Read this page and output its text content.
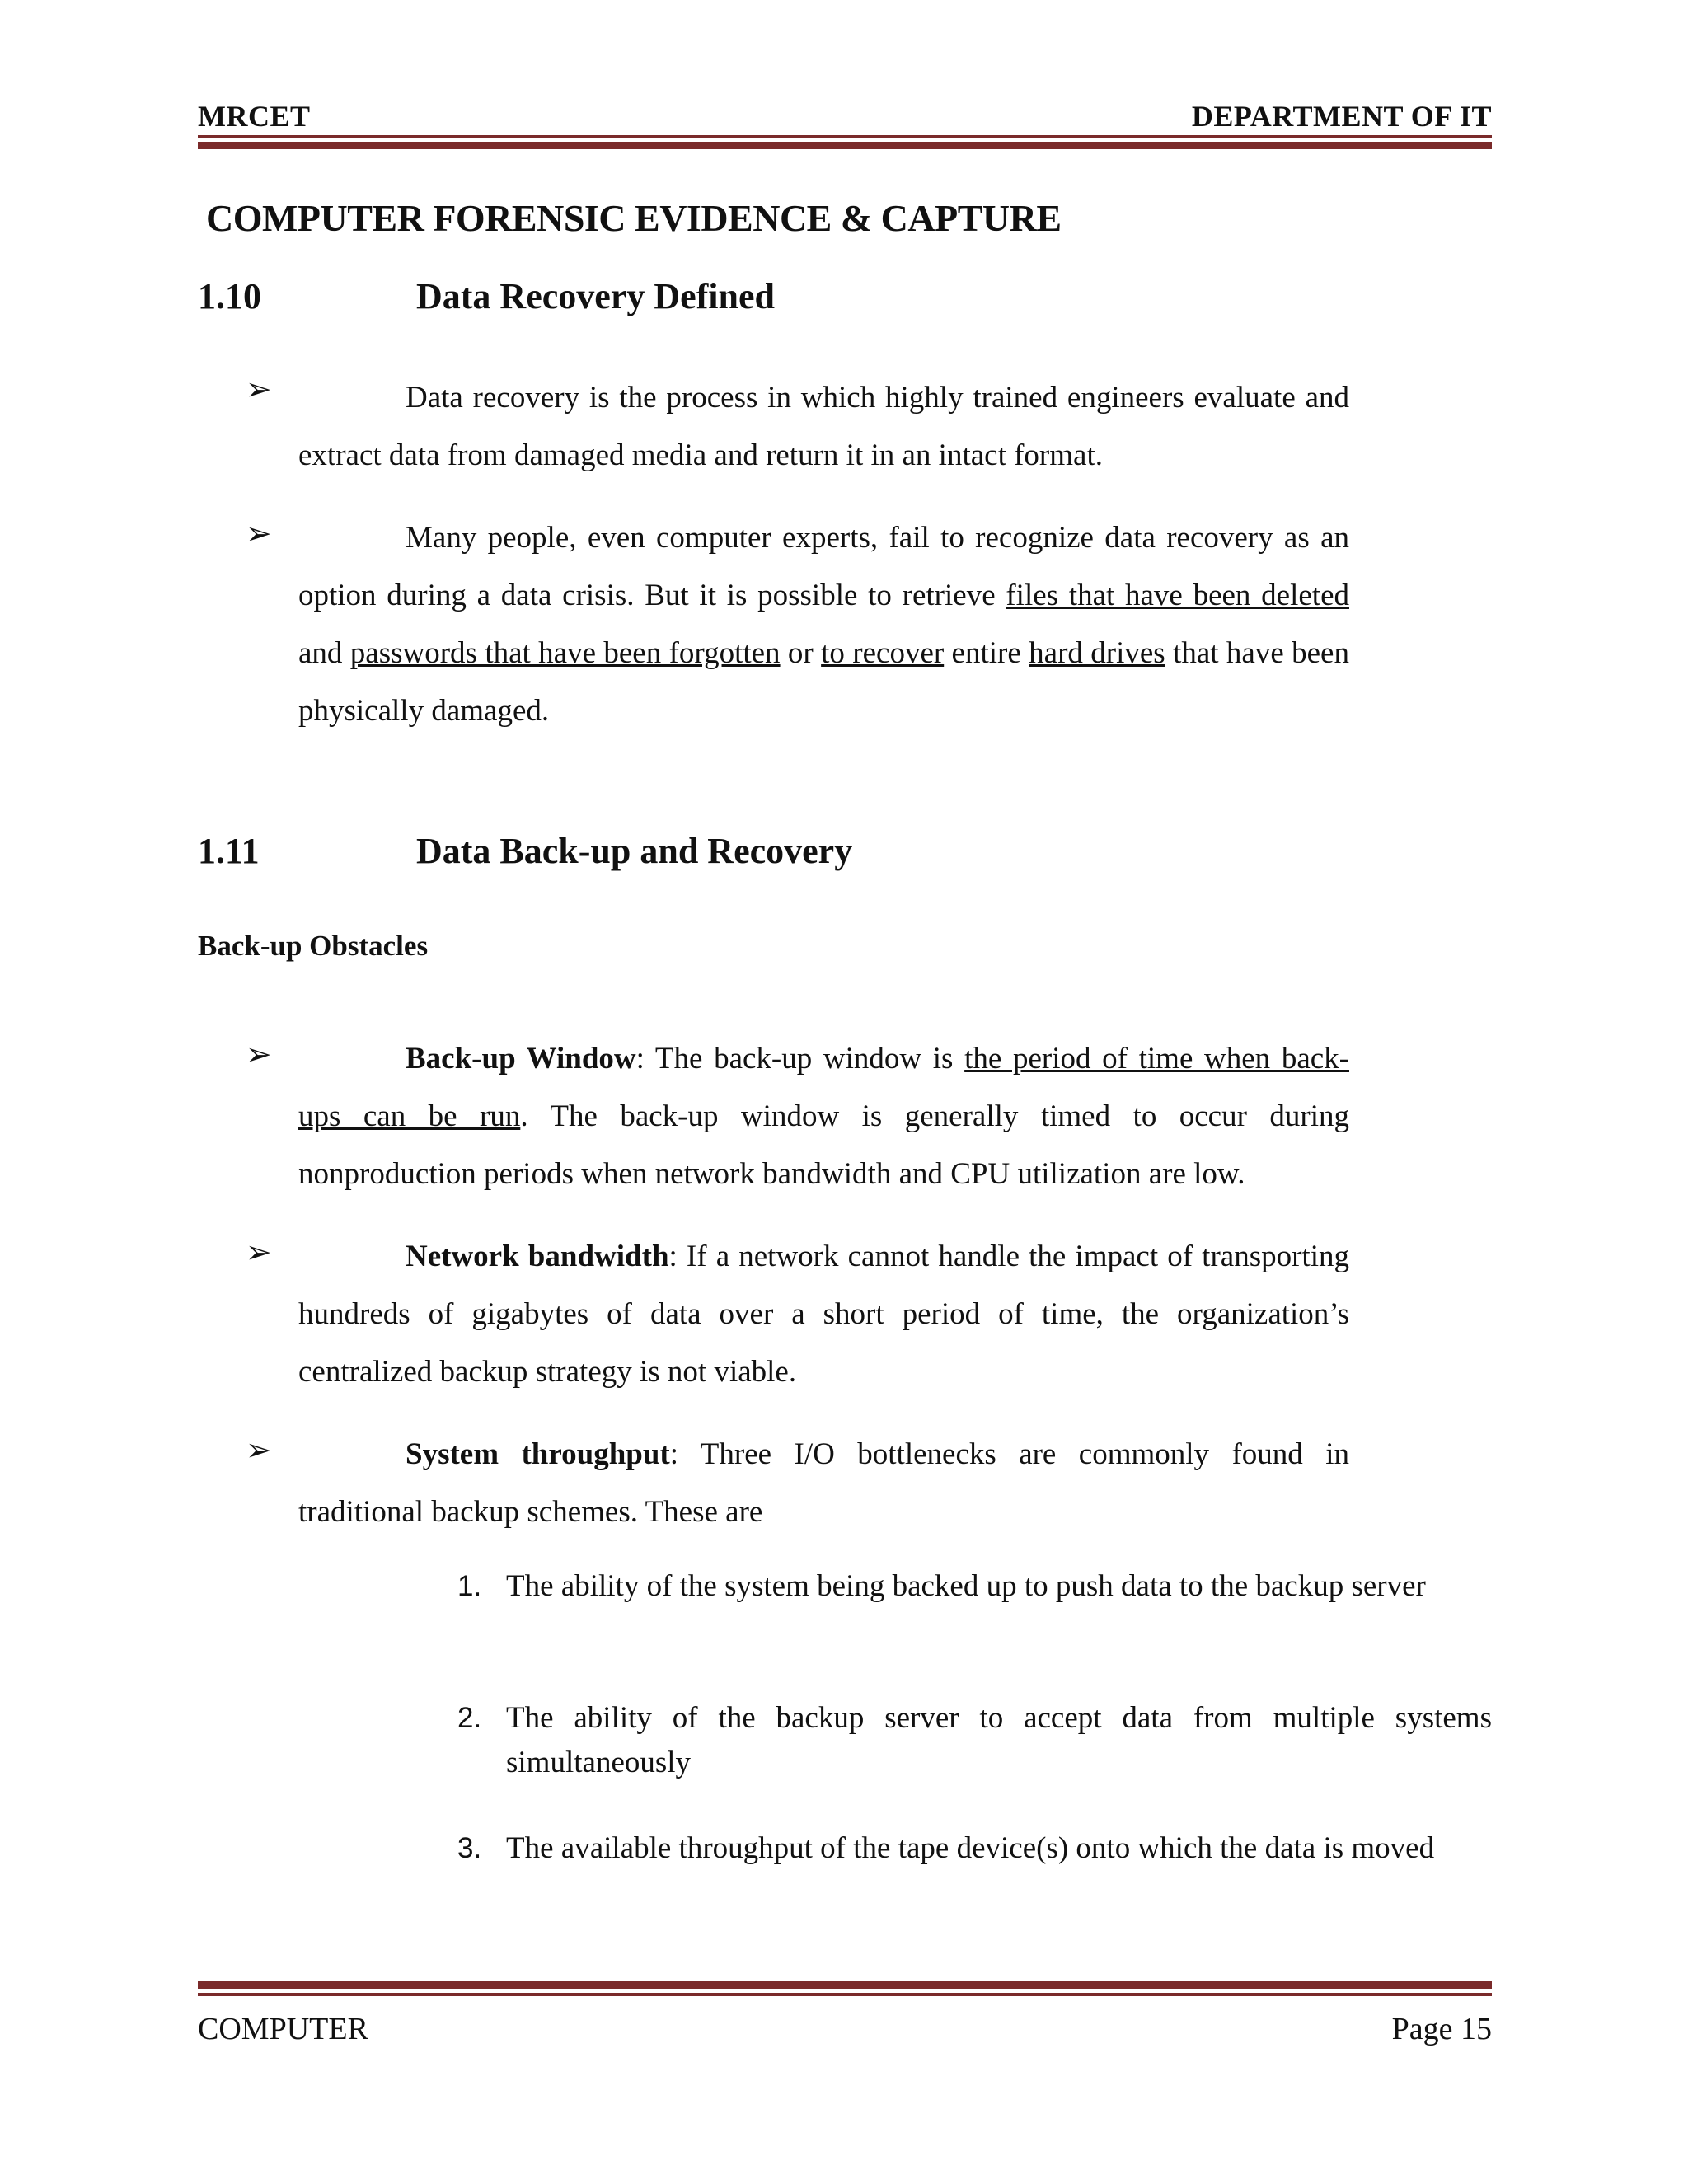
MRCET	DEPARTMENT OF IT
COMPUTER FORENSIC EVIDENCE & CAPTURE
1.10	Data Recovery Defined
➢	Data recovery is the process in which highly trained engineers evaluate and extract data from damaged media and return it in an intact format.
➢	Many people, even computer experts, fail to recognize data recovery as an option during a data crisis. But it is possible to retrieve files that have been deleted and passwords that have been forgotten or to recover entire hard drives that have been physically damaged.
1.11	Data Back-up and Recovery
Back-up Obstacles
➢	Back-up Window: The back-up window is the period of time when back-ups can be run. The back-up window is generally timed to occur during nonproduction periods when network bandwidth and CPU utilization are low.
➢	Network bandwidth: If a network cannot handle the impact of transporting hundreds of gigabytes of data over a short period of time, the organization’s centralized backup strategy is not viable.
➢	System throughput: Three I/O bottlenecks are commonly found in traditional backup schemes. These are
1. The ability of the system being backed up to push data to the backup server
2. The ability of the backup server to accept data from multiple systems simultaneously
3. The available throughput of the tape device(s) onto which the data is moved
COMPUTER	Page 15
